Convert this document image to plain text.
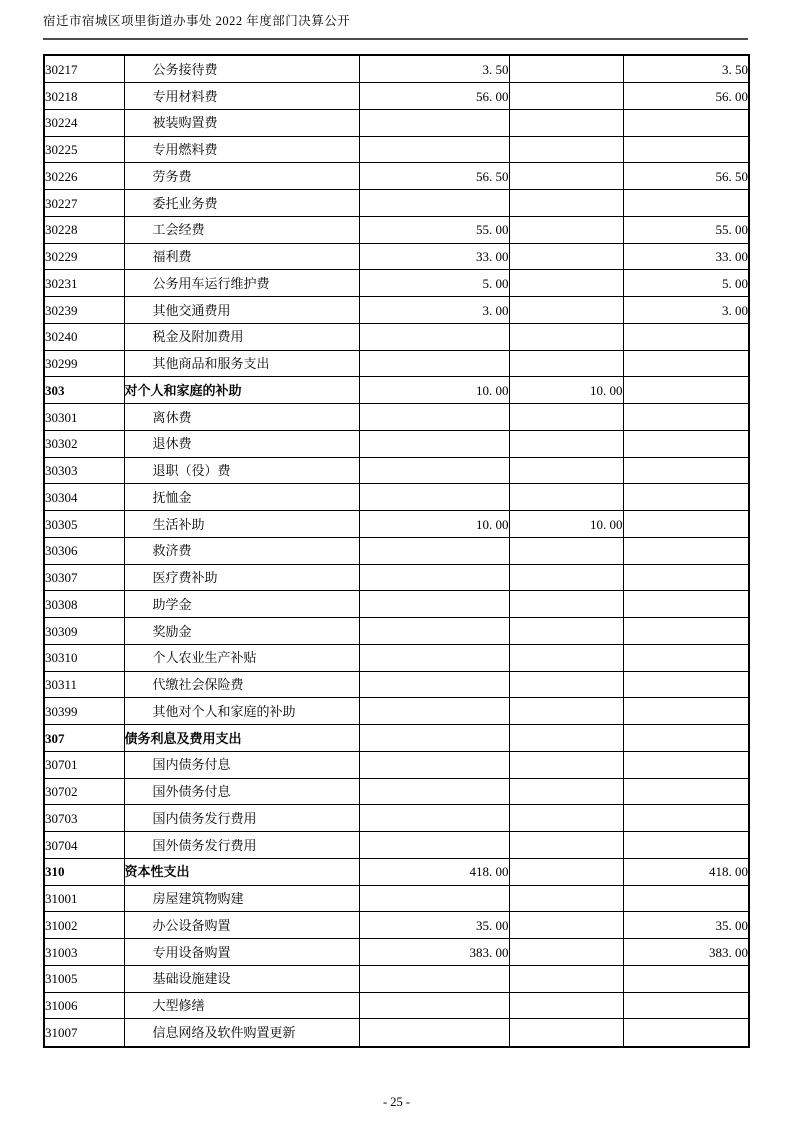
宿迁市宿城区项里街道办事处 2022 年度部门决算公开
30217	公务接待费	3. 50		3. 50
30218	专用材料费	56. 00		56. 00
30224	被装购置费			
30225	专用燃料费			
30226	劳务费	56. 50		56. 50
30227	委托业务费			
30228	工会经费	55. 00		55. 00
30229	福利费	33. 00		33. 00
30231	公务用车运行维护费	5. 00		5. 00
30239	其他交通费用	3. 00		3. 00
30240	税金及附加费用			
30299	其他商品和服务支出			
303	对个人和家庭的补助	10. 00	10. 00	
30301	离休费			
30302	退休费			
30303	退职（役）费			
30304	抚恤金			
30305	生活补助	10. 00	10. 00	
30306	救济费			
30307	医疗费补助			
30308	助学金			
30309	奖励金			
30310	个人农业生产补贴			
30311	代缴社会保险费			
30399	其他对个人和家庭的补助			
307	债务利息及费用支出			
30701	国内债务付息			
30702	国外债务付息			
30703	国内债务发行费用			
30704	国外债务发行费用			
310	资本性支出	418. 00		418. 00
31001	房屋建筑物购建			
31002	办公设备购置	35. 00		35. 00
31003	专用设备购置	383. 00		383. 00
31005	基础设施建设			
31006	大型修缮			
31007	信息网络及软件购置更新			
- 25 -
